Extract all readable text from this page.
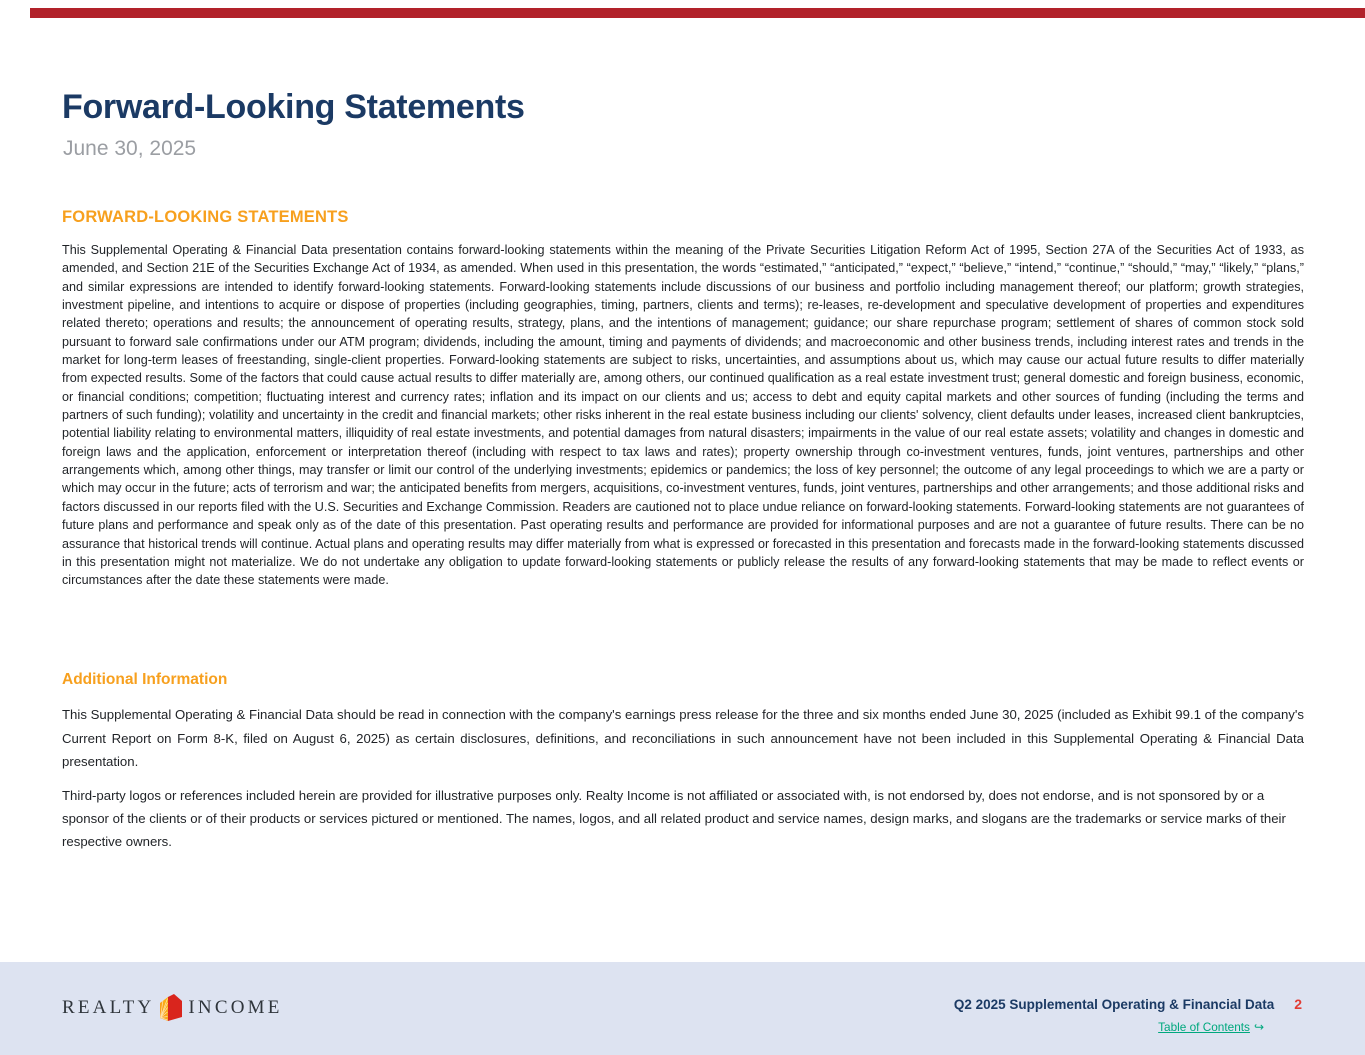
Forward-Looking Statements
June 30, 2025
FORWARD-LOOKING STATEMENTS
This Supplemental Operating & Financial Data presentation contains forward-looking statements within the meaning of the Private Securities Litigation Reform Act of 1995, Section 27A of the Securities Act of 1933, as amended, and Section 21E of the Securities Exchange Act of 1934, as amended. When used in this presentation, the words “estimated,” “anticipated,” “expect,” “believe,” “intend,” “continue,” “should,” “may,” “likely,” “plans,” and similar expressions are intended to identify forward-looking statements. Forward-looking statements include discussions of our business and portfolio including management thereof; our platform; growth strategies, investment pipeline, and intentions to acquire or dispose of properties (including geographies, timing, partners, clients and terms); re-leases, re-development and speculative development of properties and expenditures related thereto; operations and results; the announcement of operating results, strategy, plans, and the intentions of management; guidance; our share repurchase program; settlement of shares of common stock sold pursuant to forward sale confirmations under our ATM program; dividends, including the amount, timing and payments of dividends; and macroeconomic and other business trends, including interest rates and trends in the market for long-term leases of freestanding, single-client properties. Forward-looking statements are subject to risks, uncertainties, and assumptions about us, which may cause our actual future results to differ materially from expected results. Some of the factors that could cause actual results to differ materially are, among others, our continued qualification as a real estate investment trust; general domestic and foreign business, economic, or financial conditions; competition; fluctuating interest and currency rates; inflation and its impact on our clients and us; access to debt and equity capital markets and other sources of funding (including the terms and partners of such funding); volatility and uncertainty in the credit and financial markets; other risks inherent in the real estate business including our clients' solvency, client defaults under leases, increased client bankruptcies, potential liability relating to environmental matters, illiquidity of real estate investments, and potential damages from natural disasters; impairments in the value of our real estate assets; volatility and changes in domestic and foreign laws and the application, enforcement or interpretation thereof (including with respect to tax laws and rates); property ownership through co-investment ventures, funds, joint ventures, partnerships and other arrangements which, among other things, may transfer or limit our control of the underlying investments; epidemics or pandemics; the loss of key personnel; the outcome of any legal proceedings to which we are a party or which may occur in the future; acts of terrorism and war; the anticipated benefits from mergers, acquisitions, co-investment ventures, funds, joint ventures, partnerships and other arrangements; and those additional risks and factors discussed in our reports filed with the U.S. Securities and Exchange Commission. Readers are cautioned not to place undue reliance on forward-looking statements. Forward-looking statements are not guarantees of future plans and performance and speak only as of the date of this presentation. Past operating results and performance are provided for informational purposes and are not a guarantee of future results. There can be no assurance that historical trends will continue. Actual plans and operating results may differ materially from what is expressed or forecasted in this presentation and forecasts made in the forward-looking statements discussed in this presentation might not materialize. We do not undertake any obligation to update forward-looking statements or publicly release the results of any forward-looking statements that may be made to reflect events or circumstances after the date these statements were made.
Additional Information
This Supplemental Operating & Financial Data should be read in connection with the company's earnings press release for the three and six months ended June 30, 2025 (included as Exhibit 99.1 of the company's Current Report on Form 8-K, filed on August 6, 2025) as certain disclosures, definitions, and reconciliations in such announcement have not been included in this Supplemental Operating & Financial Data presentation.
Third-party logos or references included herein are provided for illustrative purposes only. Realty Income is not affiliated or associated with, is not endorsed by, does not endorse, and is not sponsored by or a sponsor of the clients or of their products or services pictured or mentioned. The names, logos, and all related product and service names, design marks, and slogans are the trademarks or service marks of their respective owners.
REALTY INCOME	Q2 2025 Supplemental Operating & Financial Data 2
Table of Contents ↪
